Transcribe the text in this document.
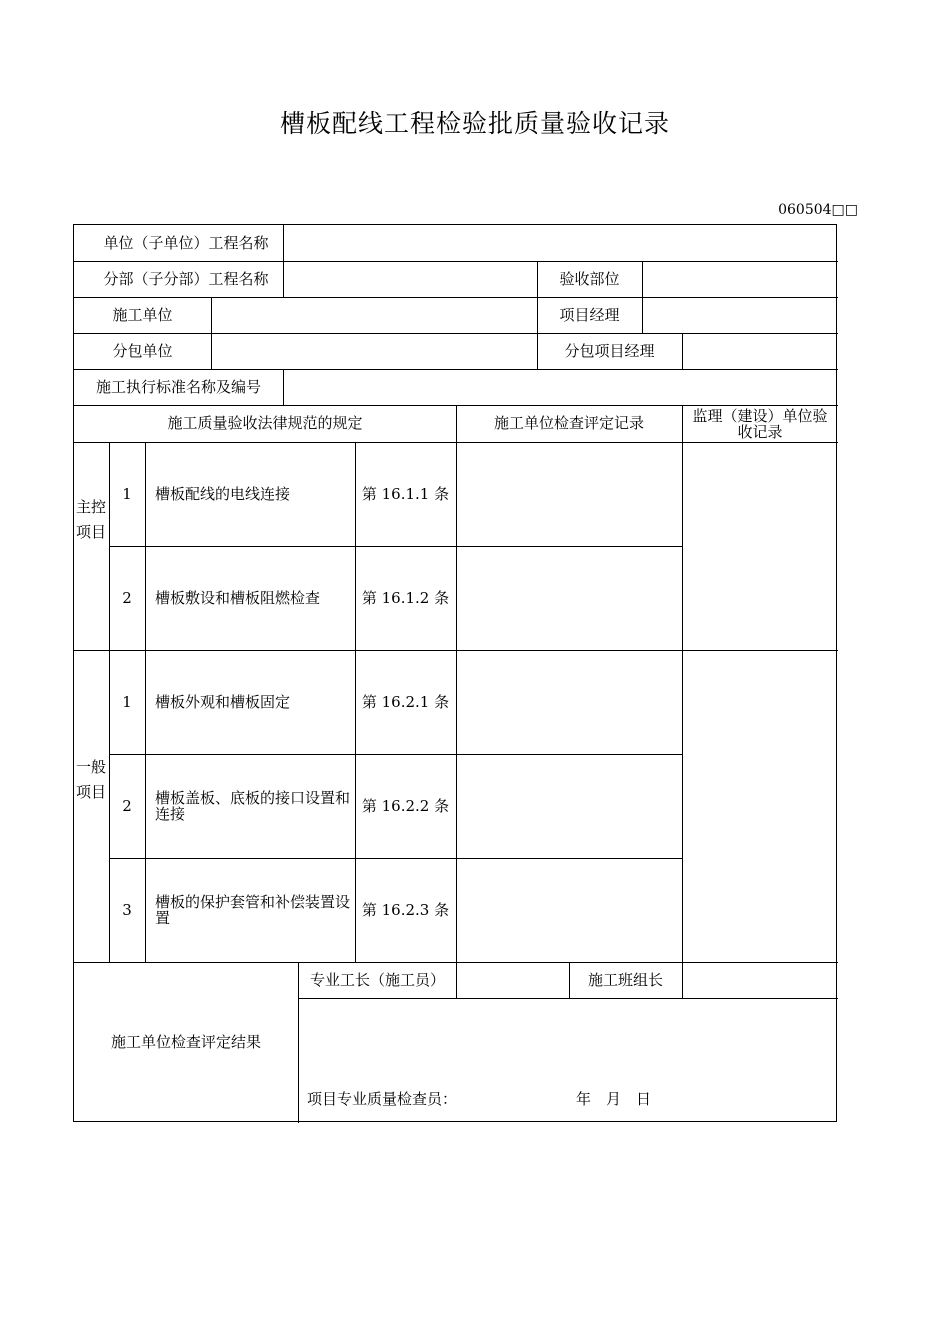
槽板配线工程检验批质量验收记录
060504□□
单位（子单位）工程名称
分部（子分部）工程名称	验收部位
施工单位	项目经理
分包单位	分包项目经理
施工执行标准名称及编号
施工质量验收法律规范的规定	施工单位检查评定记录	监理（建设）单位验收记录
主控项目
1	槽板配线的电线连接	第 16.1.1 条
2	槽板敷设和槽板阻燃检查	第 16.1.2 条
一般项目
1	槽板外观和槽板固定	第 16.2.1 条
2	槽板盖板、底板的接口设置和连接	第 16.2.2 条
3	槽板的保护套管和补偿装置设置	第 16.2.3 条
施工单位检查评定结果
专业工长（施工员）	施工班组长
项目专业质量检查员：	年　月　日
